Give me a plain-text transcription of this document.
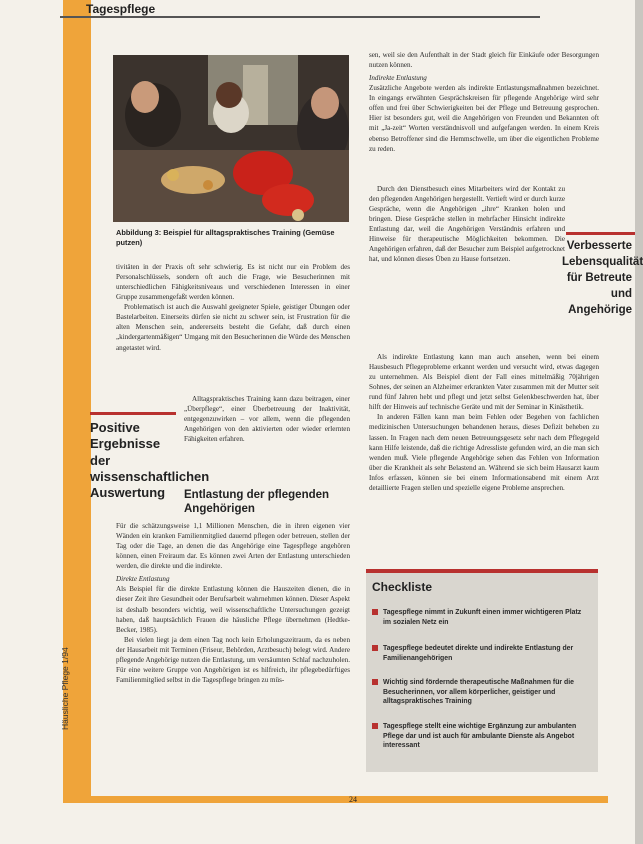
Tagespflege
Abbildung 3: Beispiel für alltagspraktisches Training (Gemüse putzen)

tivitäten in der Praxis oft sehr schwierig. Es ist nicht nur ein Problem des Personalschlüssels, sondern oft auch die Frage, wie Besucherinnen mit unterschiedlichen Fähigkeitsniveaus und verschiedenen Interessen in einer Gruppe zusammengefaßt werden können.

Problematisch ist auch die Auswahl geeigneter Spiele, geistiger Übungen oder Bastelarbeiten. Einerseits dürfen sie nicht zu schwer sein, ist Frustration für die alten Menschen sein, andererseits besteht die Gefahr, daß durch einen „kindergartenmäßigen“ Umgang mit den Besucherinnen die Würde des Menschen angetastet wird.

Alltagspraktisches Training kann dazu beitragen, einer „Überpflege“, einer Überbetreuung der Inaktivität, entgegenzuwirken – vor allem, wenn die pflegenden Angehörigen von den aktivierten oder wieder erlernten Fähigkeiten erfahren.

Positive Ergebnisse der wissenschaftlichen Auswertung	Entlastung der pflegenden Angehörigen

Für die schätzungsweise 1,1 Millionen Menschen, die in ihren eigenen vier Wänden ein kranken Familienmitglied dauernd pflegen oder betreuen, stellen der Tag oder die Tage, an denen die das Angehörige eine Tagespflege angehören können, einen Freiraum dar. Es können zwei Arten der Entlastung unterschieden werden, die direkte und die indirekte.

Direkte Entlastung

Als Beispiel für die direkte Entlastung können die Hauszeiten dienen, die in dieser Zeit ihre Gesundheit oder Berufsarbeit wahrnehmen können. Dieser Aspekt ist deshalb besonders wichtig, weil wissenschaftliche Untersuchungen gezeigt haben, daß hauptsächlich Frauen die häusliche Pflege übernehmen (Hedtke-Becker, 1985).

Bei vielen liegt ja dem einen Tag noch kein Erholungszeitraum, da es neben der Hausarbeit mit Terminen (Friseur, Behörden, Arztbesuch) belegt wird. Andere pflegende Angehörige nutzen die Entlastung, um versäumten Schlaf nachzuholen. Für eine weitere Gruppe von Angehörigen ist es hilfreich, ihr pflegebedürftiges Familienmitglied selbst in die Tagespflege bringen zu müs-

sen, weil sie den Aufenthalt in der Stadt gleich für Einkäufe oder Besorgungen nutzen können.

Indirekte Entlastung

Zusätzliche Angebote werden als indirekte Entlastungsmaßnahmen bezeichnet. In eingangs erwähnten Gesprächskreisen für pflegende Angehörige wird sehr offen und frei über Schwierigkeiten bei der Pflege und Betreuung gesprochen. Hier ist besonders gut, weil die Angehörigen von Freunden und Bekannten oft mit „Ja-zeit“ Worten verständnisvoll und aufgefangen werden. In einem Kreis ebenso Betroffener sind die Hemmschwelle, um über die eigentlichen Probleme zu reden.

Durch den Dienstbesuch eines Mitarbeiters wird der Kontakt zu den pflegenden Angehörigen hergestellt. Vertieft wird er durch kurze Gespräche, wenn die Angehörigen „ihre“ Kranken holen und bringen. Diese Gespräche stellen in mehrfacher Hinsicht indirekte Entlastung dar, weil die Angehörigen Verständnis erfahren und Hinweise für therapeutische Möglichkeiten bekommen. Die Angehörigen erfahren, daß der Besucher zum Beispiel aufgetrocknet hat, und können dieses Üben zu Hause fortsetzen.

Als indirekte Entlastung kann man auch ansehen, wenn bei einem Hausbesuch Pflegeprobleme erkannt werden und versucht wird, etwas dagegen zu unternehmen. Als Beispiel dient der Fall eines mittelmäßig 70jährigen Sohnes, der seinen an Alzheimer erkrankten Vater zusammen mit der Mutter seit rund fünf Jahren hebt und pflegt und jetzt selbst Gelenkbeschwerden hat, über hilft der Hinweis auf technische Geräte und mit der Seminar in Kinästhetik.

In anderen Fällen kann man beim Fehlen oder Begehen von fachlichen medizinischen Untersuchungen behandenen heraus, dieses Defizit beheben zu lassen. In Fragen nach dem neuen Betreuungsgesetz sehr nach dem Pflegegeld kann Hilfe leistende, daß die richtige Adressliste gefunden wird, an die man sich wenden muß. Viele pflegende Angehörige sehen das Fehlen von Information über die Krankheit als sehr Belastend an. Während sie sich beim Hausarzt kaum Infos erfassen, können sie bei einem Informationsabend mit einem Arzt detaillierte Fragen stellen und spezielle eigene Probleme ansprechen.

Verbesserte Lebensqualität für Betreute und Angehörige
Checkliste
Tagespflege nimmt in Zukunft einen immer wichtigeren Platz im sozialen Netz ein
Tagespflege bedeutet direkte und indirekte Entlastung der Familienangehörigen
Wichtig sind fördernde therapeutische Maßnahmen für die Besucherinnen, vor allem körperlicher, geistiger und alltagspraktisches Training
Tagespflege stellt eine wichtige Ergänzung zur ambulanten Pflege dar und ist auch für ambulante Dienste als Angebot interessant
Häusliche Pflege 1/94
24
